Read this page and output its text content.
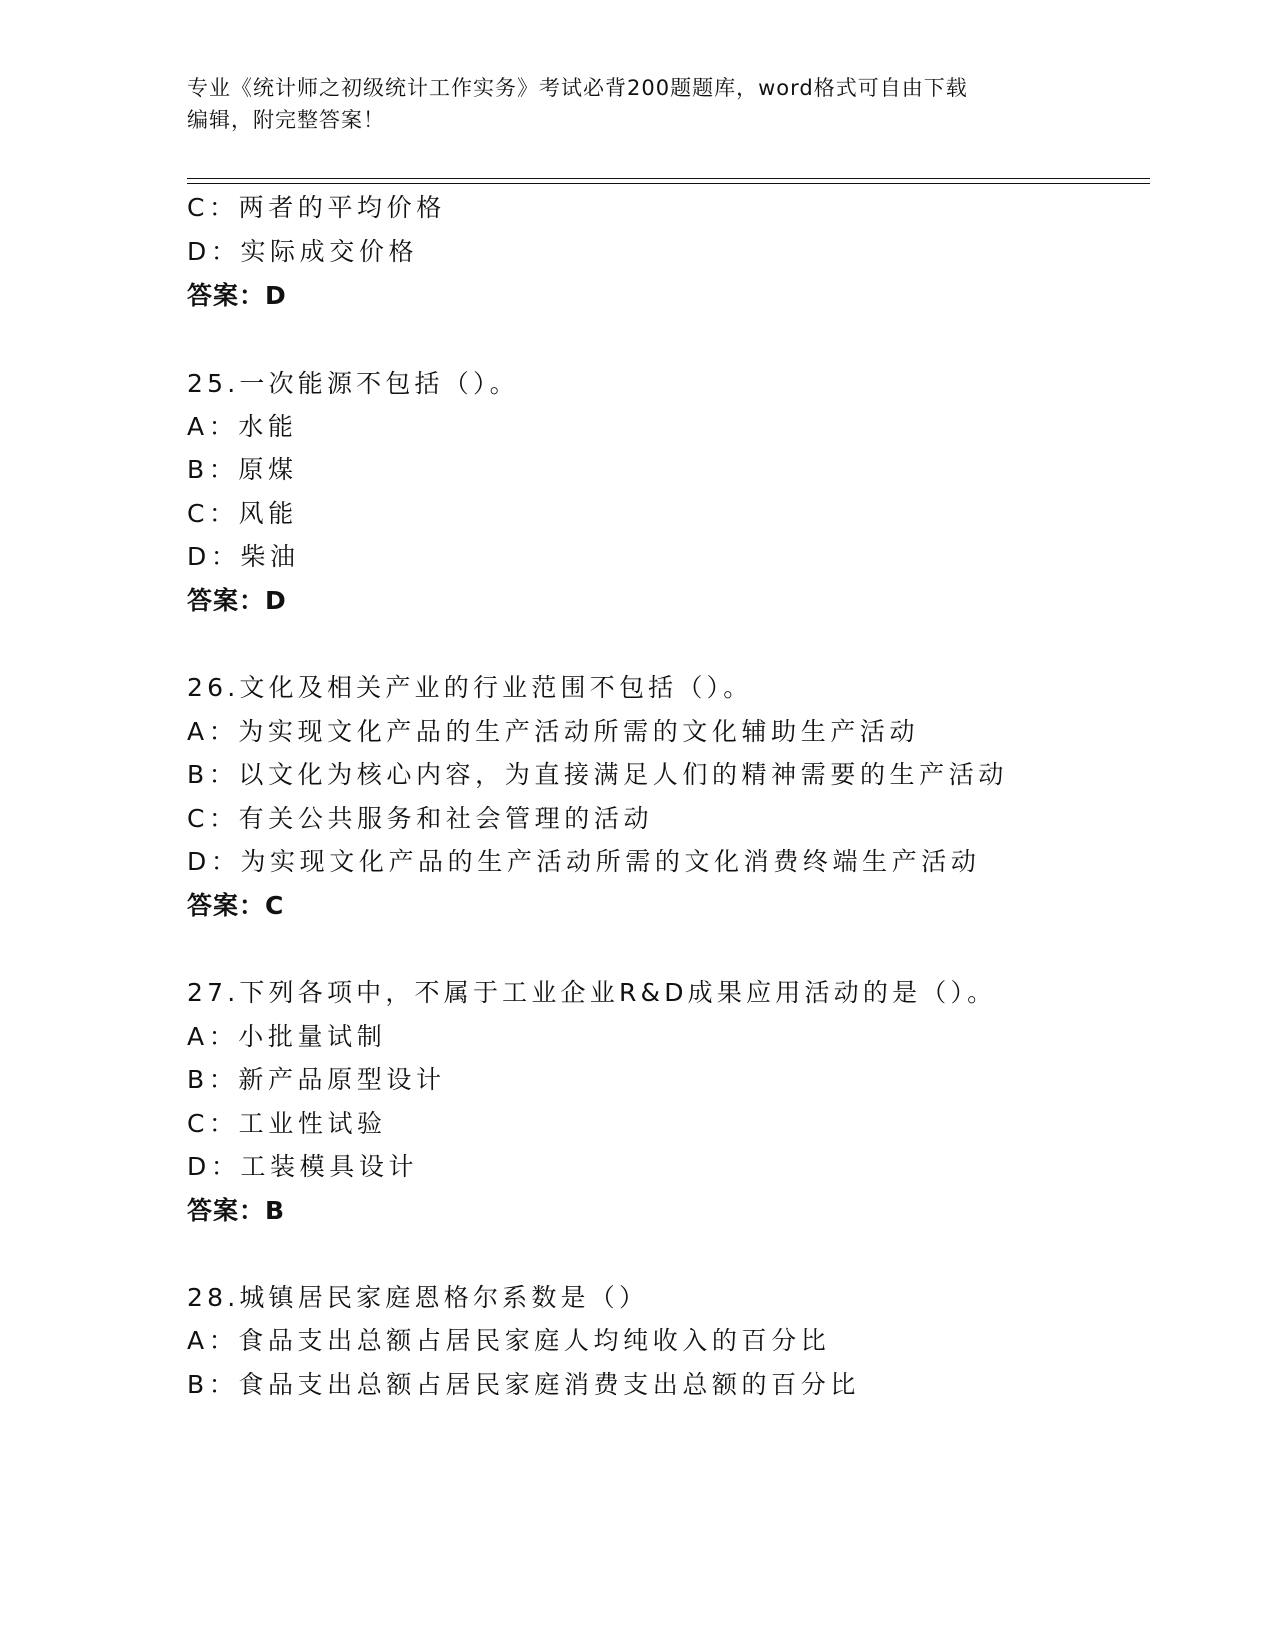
专业《统计师之初级统计工作实务》考试必背200题题库，word格式可自由下载
编辑，附完整答案！
C：两者的平均价格
D：实际成交价格
答案：D
25.一次能源不包括（）。
A：水能
B：原煤
C：风能
D：柴油
答案：D
26.文化及相关产业的行业范围不包括（）。
A：为实现文化产品的生产活动所需的文化辅助生产活动
B：以文化为核心内容，为直接满足人们的精神需要的生产活动
C：有关公共服务和社会管理的活动
D：为实现文化产品的生产活动所需的文化消费终端生产活动
答案：C
27.下列各项中，不属于工业企业R&D成果应用活动的是（）。
A：小批量试制
B：新产品原型设计
C：工业性试验
D：工装模具设计
答案：B
28.城镇居民家庭恩格尔系数是（）
A：食品支出总额占居民家庭人均纯收入的百分比
B：食品支出总额占居民家庭消费支出总额的百分比
